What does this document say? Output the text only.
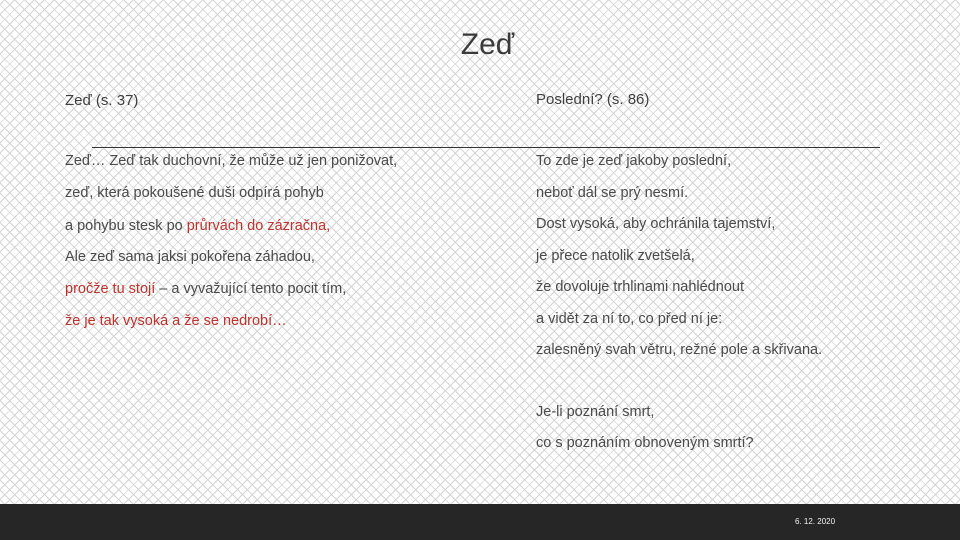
Zeď
Zeď (s. 37)	Poslední? (s. 86)
Zeď… Zeď tak duchovní, že může už jen ponižovat,
zeď, která pokoušené duši odpírá pohyb
a pohybu stesk po průrvách do zázračna,
Ale zeď sama jaksi pokořena záhadou,
pročže tu stojí – a vyvažující tento pocit tím,
že je tak vysoká a že se nedrobí…
To zde je zeď jakoby poslední,
neboť dál se prý nesmí.
Dost vysoká, aby ochránila tajemství,
je přece natolik zvetšelá,
že dovoluje trhlinami nahlédnout
a vidět za ní to, co před ní je:
zalesněný svah větru, režné pole a skřivana.
Je-li poznání smrt,
co s poznáním obnoveným smrtí?
6. 12. 2020
